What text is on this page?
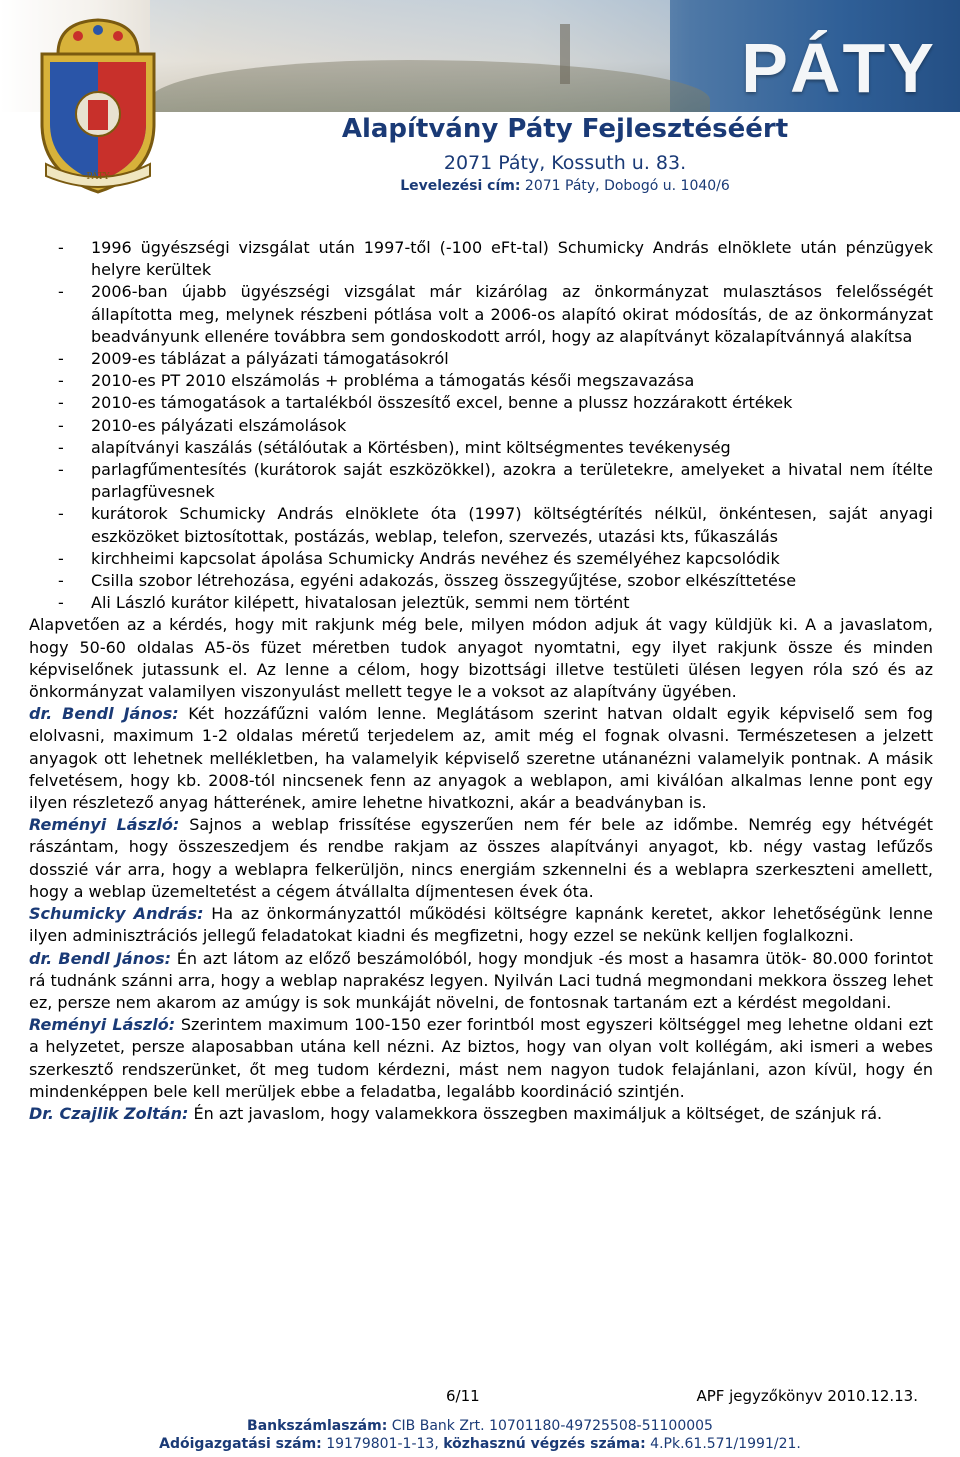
PÁTY
PÁTY
Alapítvány Páty Fejlesztéséért
2071 Páty, Kossuth u. 83.
Levelezési cím: 2071 Páty, Dobogó u. 1040/6
- 1996 ügyészségi vizsgálat után 1997-től (-100 eFt-tal) Schumicky András elnöklete után pénzügyek helyre kerültek
- 2006-ban újabb ügyészségi vizsgálat már kizárólag az önkormányzat mulasztásos felelősségét állapította meg, melynek részbeni pótlása volt a 2006-os alapító okirat módosítás, de az önkormányzat beadványunk ellenére továbbra sem gondoskodott arról, hogy az alapítványt közalapítvánnyá alakítsa
- 2009-es táblázat a pályázati támogatásokról
- 2010-es PT 2010 elszámolás + probléma a támogatás késői megszavazása
- 2010-es támogatások a tartalékból összesítő excel, benne a plussz hozzárakott értékek
- 2010-es pályázati elszámolások
- alapítványi kaszálás (sétálóutak a Körtésben), mint költségmentes tevékenység
- parlagfűmentesítés (kurátorok saját eszközökkel), azokra a területekre, amelyeket a hivatal nem ítélte parlagfüvesnek
- kurátorok Schumicky András elnöklete óta (1997) költségtérítés nélkül, önkéntesen, saját anyagi eszközöket biztosítottak, postázás, weblap, telefon, szervezés, utazási kts, fűkaszálás
- kirchheimi kapcsolat ápolása Schumicky András nevéhez és személyéhez kapcsolódik
- Csilla szobor létrehozása, egyéni adakozás, összeg összegyűjtése, szobor elkészíttetése
- Ali László kurátor kilépett, hivatalosan jeleztük, semmi nem történt

Alapvetően az a kérdés, hogy mit rakjunk még bele, milyen módon adjuk át vagy küldjük ki. A a javaslatom, hogy 50-60 oldalas A5-ös füzet méretben tudok anyagot nyomtatni, egy ilyet rakjunk össze és minden képviselőnek jutassunk el. Az lenne a célom, hogy bizottsági illetve testületi ülésen legyen róla szó és az önkormányzat valamilyen viszonyulást mellett tegye le a voksot az alapítvány ügyében.

dr. Bendl János: Két hozzáfűzni valóm lenne. Meglátásom szerint hatvan oldalt egyik képviselő sem fog elolvasni, maximum 1-2 oldalas méretű terjedelem az, amit még el fognak olvasni. Természetesen a jelzett anyagok ott lehetnek mellékletben, ha valamelyik képviselő szeretne utánanézni valamelyik pontnak. A másik felvetésem, hogy kb. 2008-tól nincsenek fenn az anyagok a weblapon, ami kiválóan alkalmas lenne pont egy ilyen részletező anyag hátterének, amire lehetne hivatkozni, akár a beadványban is.

Reményi László: Sajnos a weblap frissítése egyszerűen nem fér bele az időmbe. Nemrég egy hétvégét rászántam, hogy összeszedjem és rendbe rakjam az összes alapítványi anyagot, kb. négy vastag lefűzős dosszié vár arra, hogy a weblapra felkerüljön, nincs energiám szkennelni és a weblapra szerkeszteni amellett, hogy a weblap üzemeltetést a cégem átvállalta díjmentesen évek óta.

Schumicky András: Ha az önkormányzattól működési költségre kapnánk keretet, akkor lehetőségünk lenne ilyen adminisztrációs jellegű feladatokat kiadni és megfizetni, hogy ezzel se nekünk kelljen foglalkozni.

dr. Bendl János: Én azt látom az előző beszámolóból, hogy mondjuk -és most a hasamra ütök- 80.000 forintot rá tudnánk szánni arra, hogy a weblap naprakész legyen. Nyilván Laci tudná megmondani mekkora összeg lehet ez, persze nem akarom az amúgy is sok munkáját növelni, de fontosnak tartanám ezt a kérdést megoldani.

Reményi László: Szerintem maximum 100-150 ezer forintból most egyszeri költséggel meg lehetne oldani ezt a helyzetet, persze alaposabban utána kell nézni. Az biztos, hogy van olyan volt kollégám, aki ismeri a webes szerkesztő rendszerünket, őt meg tudom kérdezni, mást nem nagyon tudok felajánlani, azon kívül, hogy én mindenképpen bele kell merüljek ebbe a feladatba, legalább koordináció szintjén.

Dr. Czajlik Zoltán: Én azt javaslom, hogy valamekkora összegben maximáljuk a költséget, de szánjuk rá.

6/11	APF jegyzőkönyv 2010.12.13.
Bankszámlaszám: CIB Bank Zrt. 10701180-49725508-51100005
Adóigazgatási szám: 19179801-1-13, közhasznú végzés száma: 4.Pk.61.571/1991/21.
